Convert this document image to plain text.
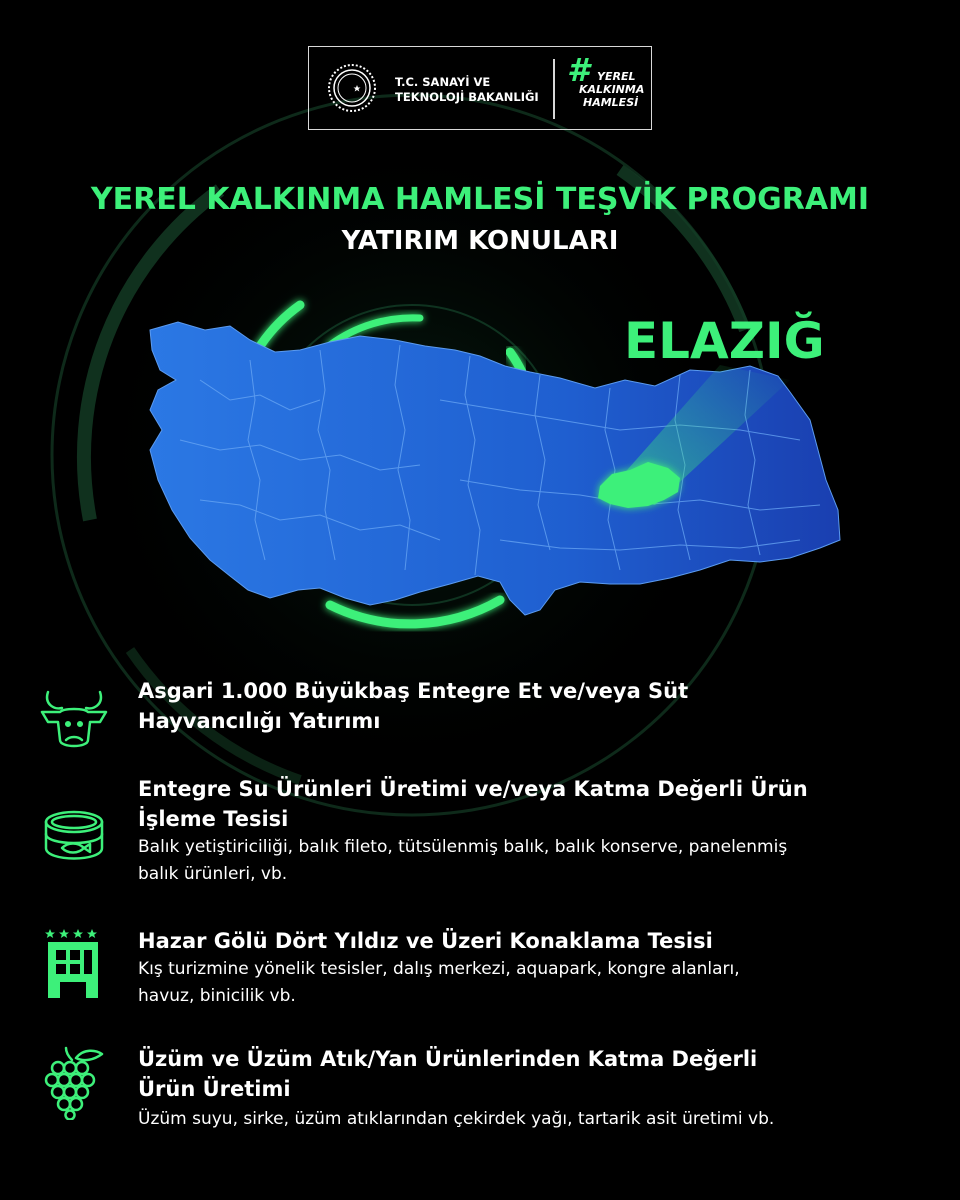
T.C. SANAYİ VE
TEKNOLOJİ BAKANLIĞI
# YEREL
KALKINMA
HAMLESİ
YEREL KALKINMA HAMLESİ TEŞVİK PROGRAMI
YATIRIM KONULARI
ELAZIĞ
Asgari 1.000 Büyükbaş Entegre Et ve/veya Süt
Hayvancılığı Yatırımı
Entegre Su Ürünleri Üretimi ve/veya Katma Değerli Ürün
İşleme Tesisi
Balık yetiştiriciliği, balık fileto, tütsülenmiş balık, balık konserve, panelenmiş
balık ürünleri, vb.
Hazar Gölü Dört Yıldız ve Üzeri Konaklama Tesisi
Kış turizmine yönelik tesisler, dalış merkezi, aquapark, kongre alanları,
havuz, binicilik vb.
Üzüm ve Üzüm Atık/Yan Ürünlerinden Katma Değerli
Ürün Üretimi
Üzüm suyu, sirke, üzüm atıklarından çekirdek yağı, tartarik asit üretimi vb.
